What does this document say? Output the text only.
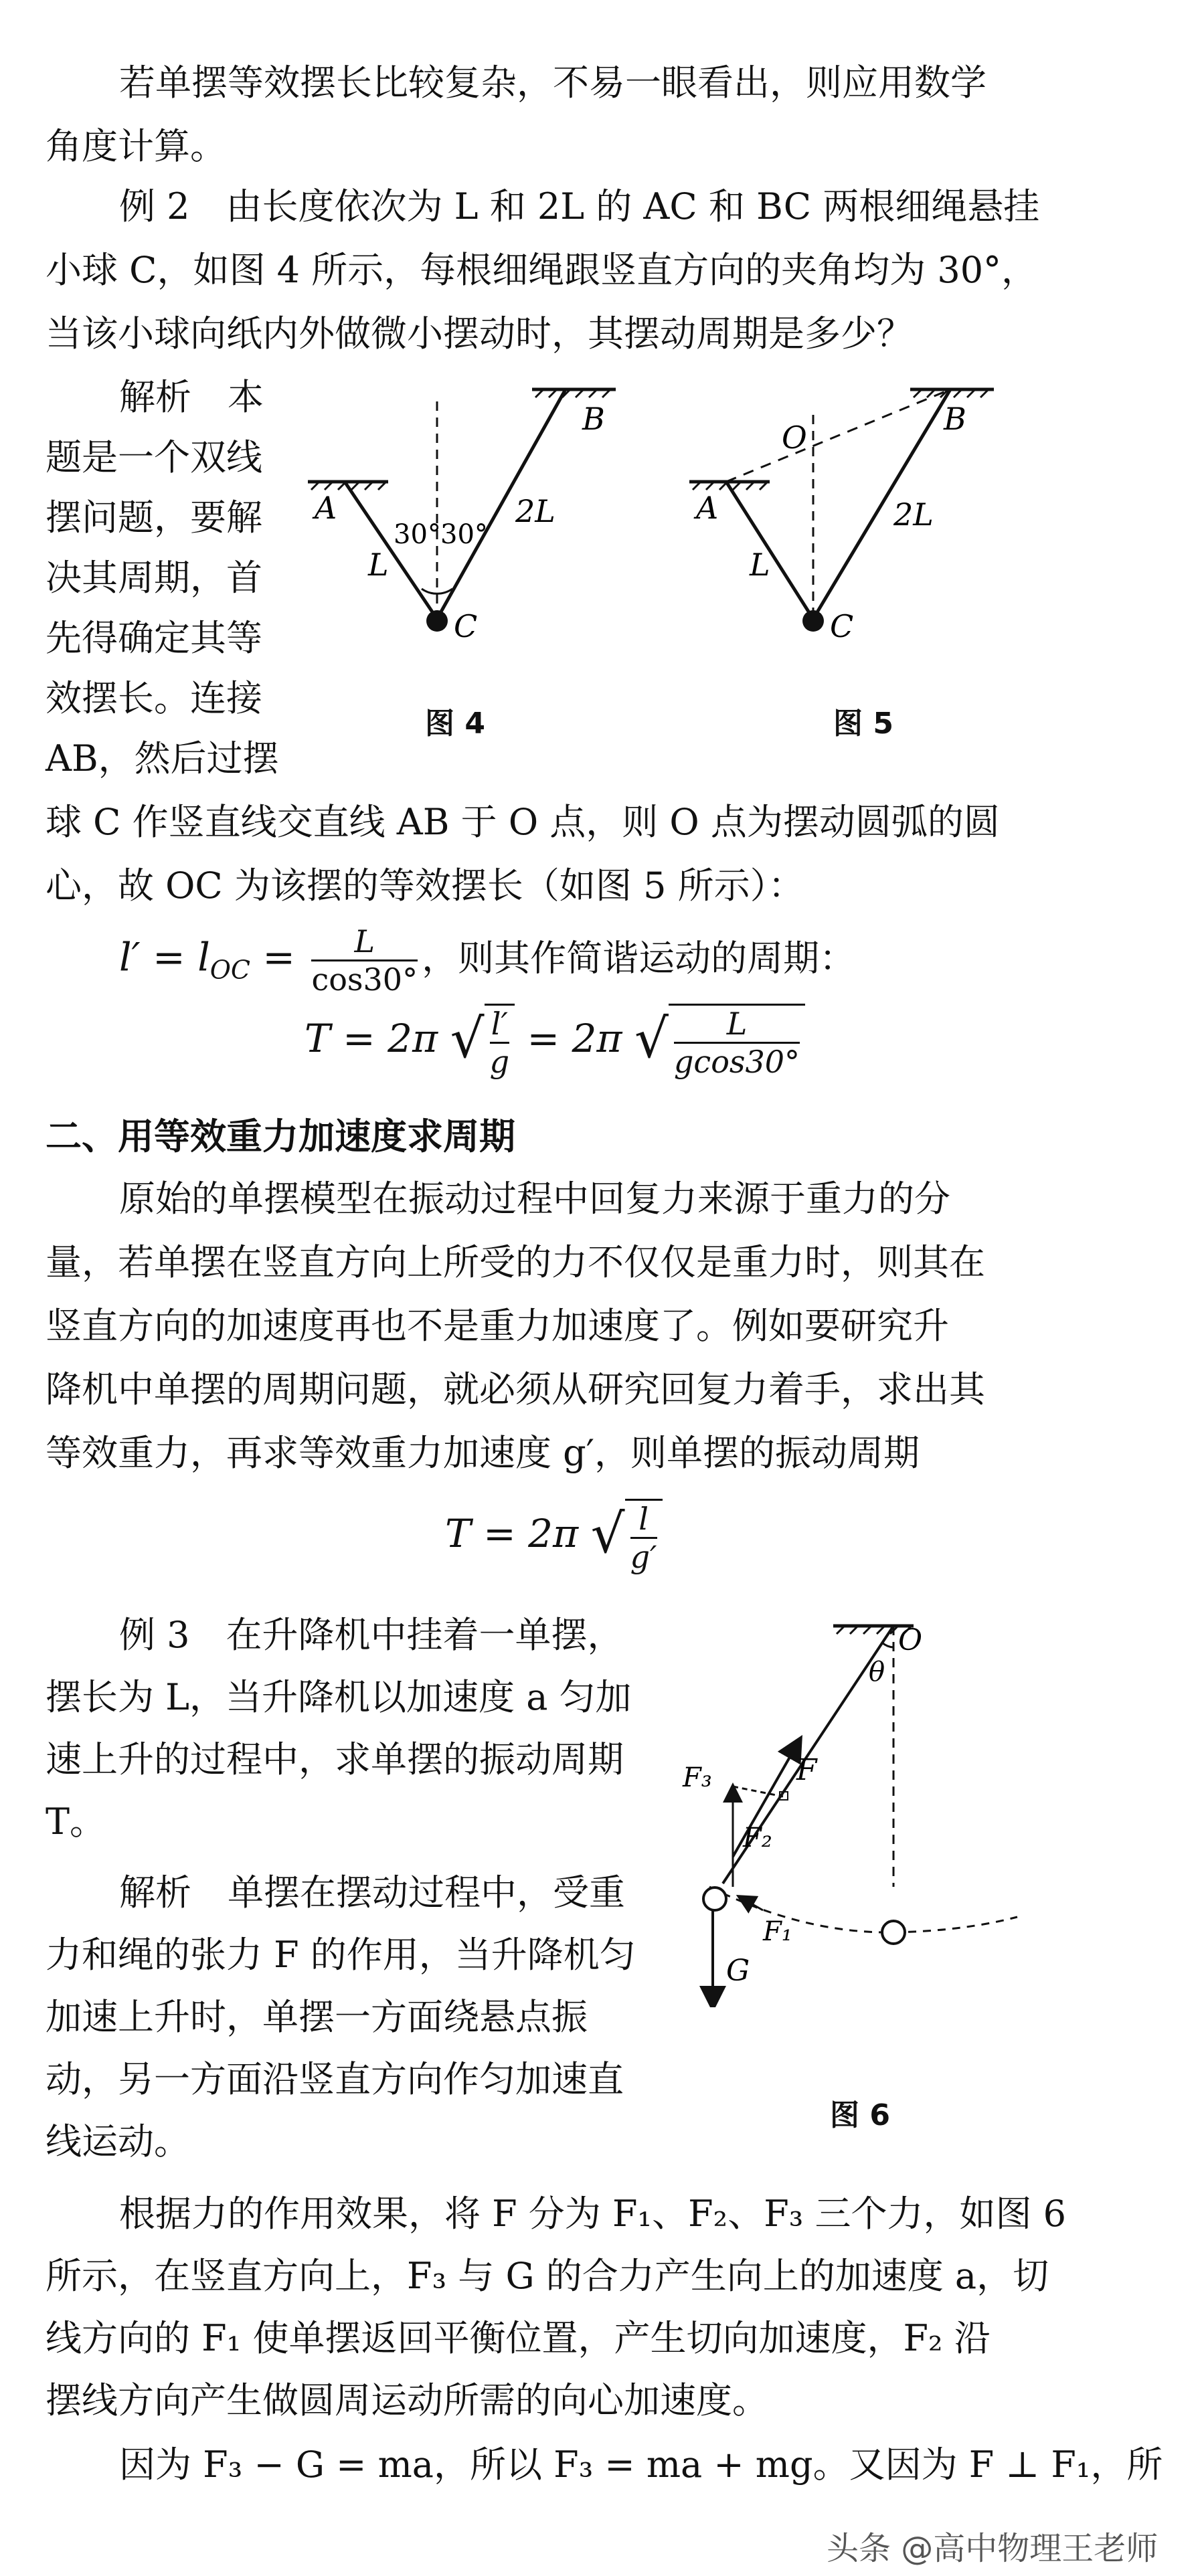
若单摆等效摆长比较复杂，不易一眼看出，则应用数学
角度计算。
例 2　由长度依次为 L 和 2L 的 AC 和 BC 两根细绳悬挂
小球 C，如图 4 所示，每根细绳跟竖直方向的夹角均为 30°，
当该小球向纸内外做微小摆动时，其摆动周期是多少？
解析　本
题是一个双线
摆问题，要解
决其周期，首
先得确定其等
效摆长。连接
AB，然后过摆
A
B
C
L
2L
30° 30°
图 4
A
B
O
C
L
2L
图 5
球 C 作竖直线交直线 AB 于 O 点，则 O 点为摆动圆弧的圆
心，故 OC 为该摆的等效摆长（如图 5 所示）：
$l' = l_{OC} = \frac{L}{\cos 30^\circ}$ ，则其作简谐运动的周期：
T = 2π √ $\frac{l'}{g} = 2\pi$ √ $\frac{L}{gcos30^\circ}$
二、用等效重力加速度求周期
原始的单摆模型在振动过程中回复力来源于重力的分
量，若单摆在竖直方向上所受的力不仅仅是重力时，则其在
竖直方向的加速度再也不是重力加速度了。例如要研究升
降机中单摆的周期问题，就必须从研究回复力着手，求出其
等效重力，再求等效重力加速度 g′，则单摆的振动周期
T = 2π √ $\frac{l}{g'}$
例 3　在升降机中挂着一单摆，
摆长为 L，当升降机以加速度 a 匀加
速上升的过程中，求单摆的振动周期
T。
解析　单摆在摆动过程中，受重
力和绳的张力 F 的作用，当升降机匀
加速上升时，单摆一方面绕悬点振
动，另一方面沿竖直方向作匀加速直
线运动。
O
θ
F
F₃
F₂
F₁
G
图 6
根据力的作用效果，将 F 分为 F₁、F₂、F₃ 三个力，如图 6
所示，在竖直方向上，F₃ 与 G 的合力产生向上的加速度 a，切
线方向的 F₁ 使单摆返回平衡位置，产生切向加速度，F₂ 沿
摆线方向产生做圆周运动所需的向心加速度。
因为 F₃ − G = ma，所以 F₃ = ma + mg。又因为 F ⊥ F₁，所
头条 @高中物理王老师
